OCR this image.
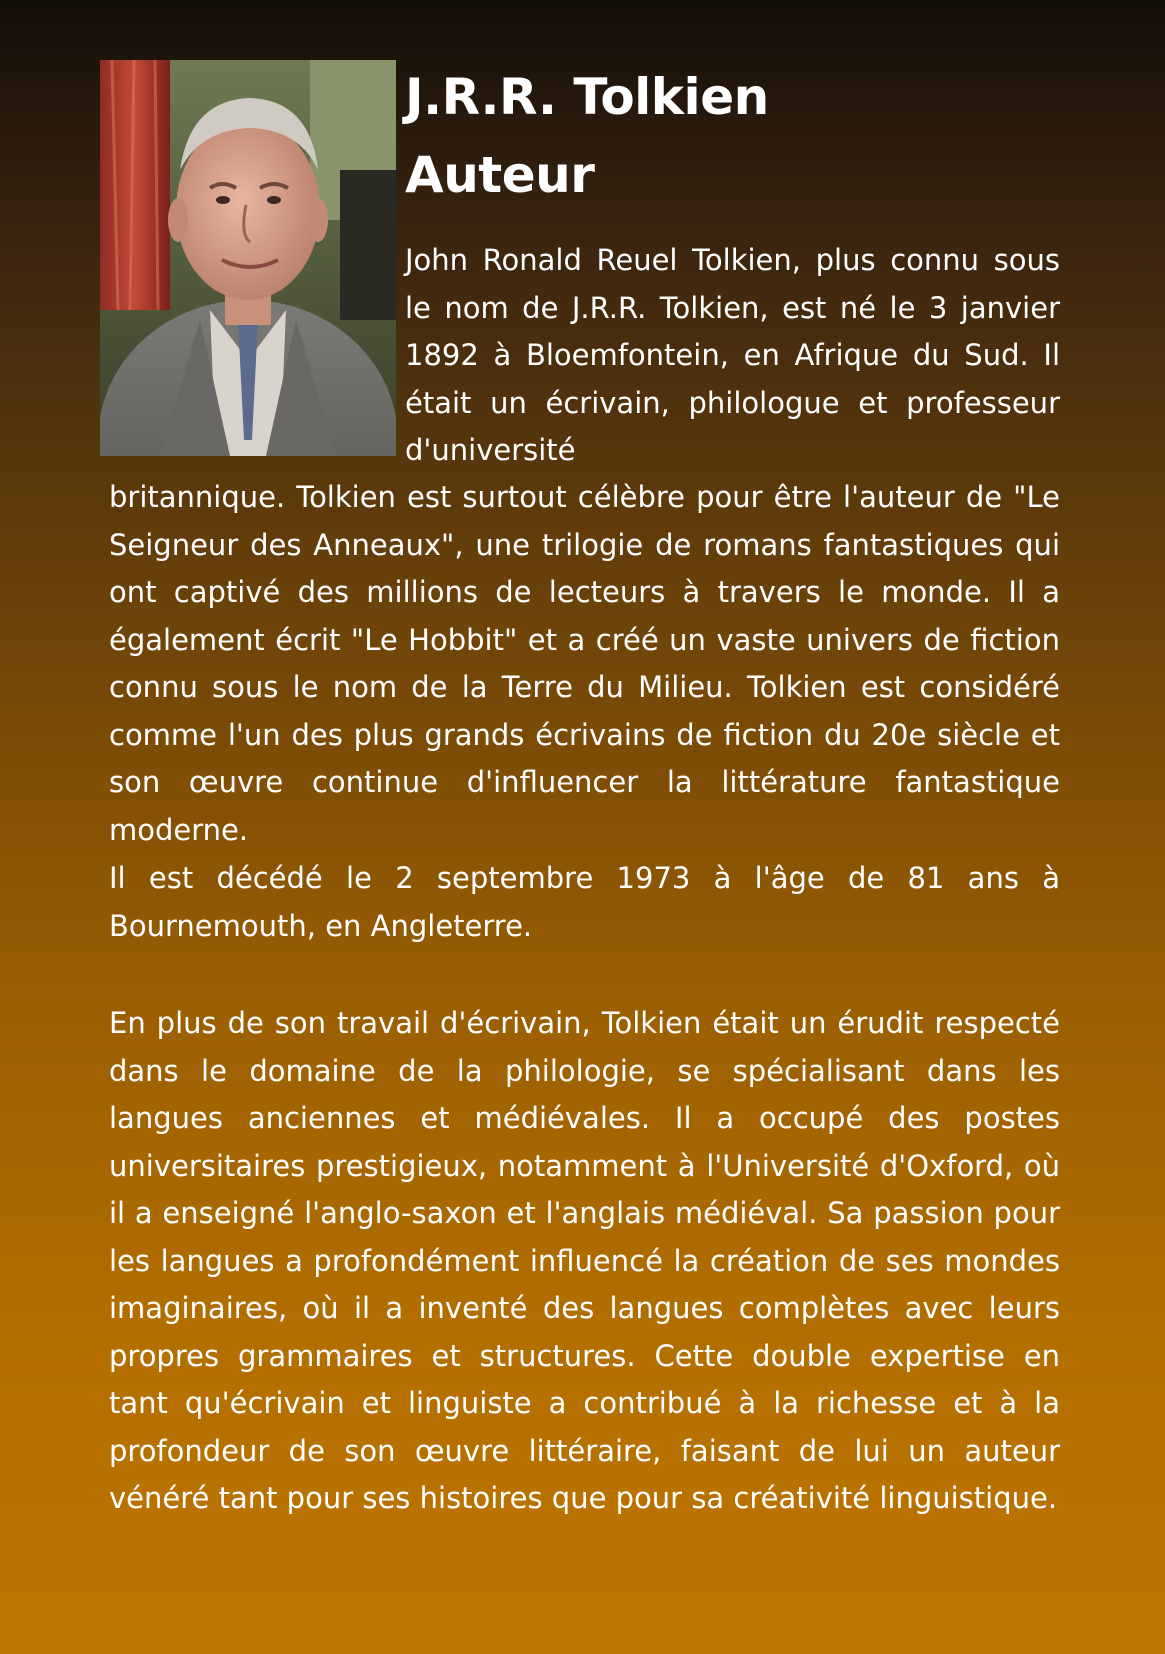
J.R.R. Tolkien
Auteur

John Ronald Reuel Tolkien, plus connu sous le nom de J.R.R. Tolkien, est né le 3 janvier 1892 à Bloemfontein, en Afrique du Sud. Il était un écrivain, philologue et professeur d'université

britannique. Tolkien est surtout célèbre pour être l'auteur de "Le Seigneur des Anneaux", une trilogie de romans fantastiques qui ont captivé des millions de lecteurs à travers le monde. Il a également écrit "Le Hobbit" et a créé un vaste univers de fiction connu sous le nom de la Terre du Milieu. Tolkien est considéré comme l'un des plus grands écrivains de fiction du 20e siècle et son œuvre continue d'influencer la littérature fantastique moderne.

Il est décédé le 2 septembre 1973 à l'âge de 81 ans à Bournemouth, en Angleterre.

En plus de son travail d'écrivain, Tolkien était un érudit respecté dans le domaine de la philologie, se spécialisant dans les langues anciennes et médiévales. Il a occupé des postes universitaires prestigieux, notamment à l'Université d'Oxford, où il a enseigné l'anglo-saxon et l'anglais médiéval. Sa passion pour les langues a profondément influencé la création de ses mondes imaginaires, où il a inventé des langues complètes avec leurs propres grammaires et structures. Cette double expertise en tant qu'écrivain et linguiste a contribué à la richesse et à la profondeur de son œuvre littéraire, faisant de lui un auteur vénéré tant pour ses histoires que pour sa créativité linguistique.
